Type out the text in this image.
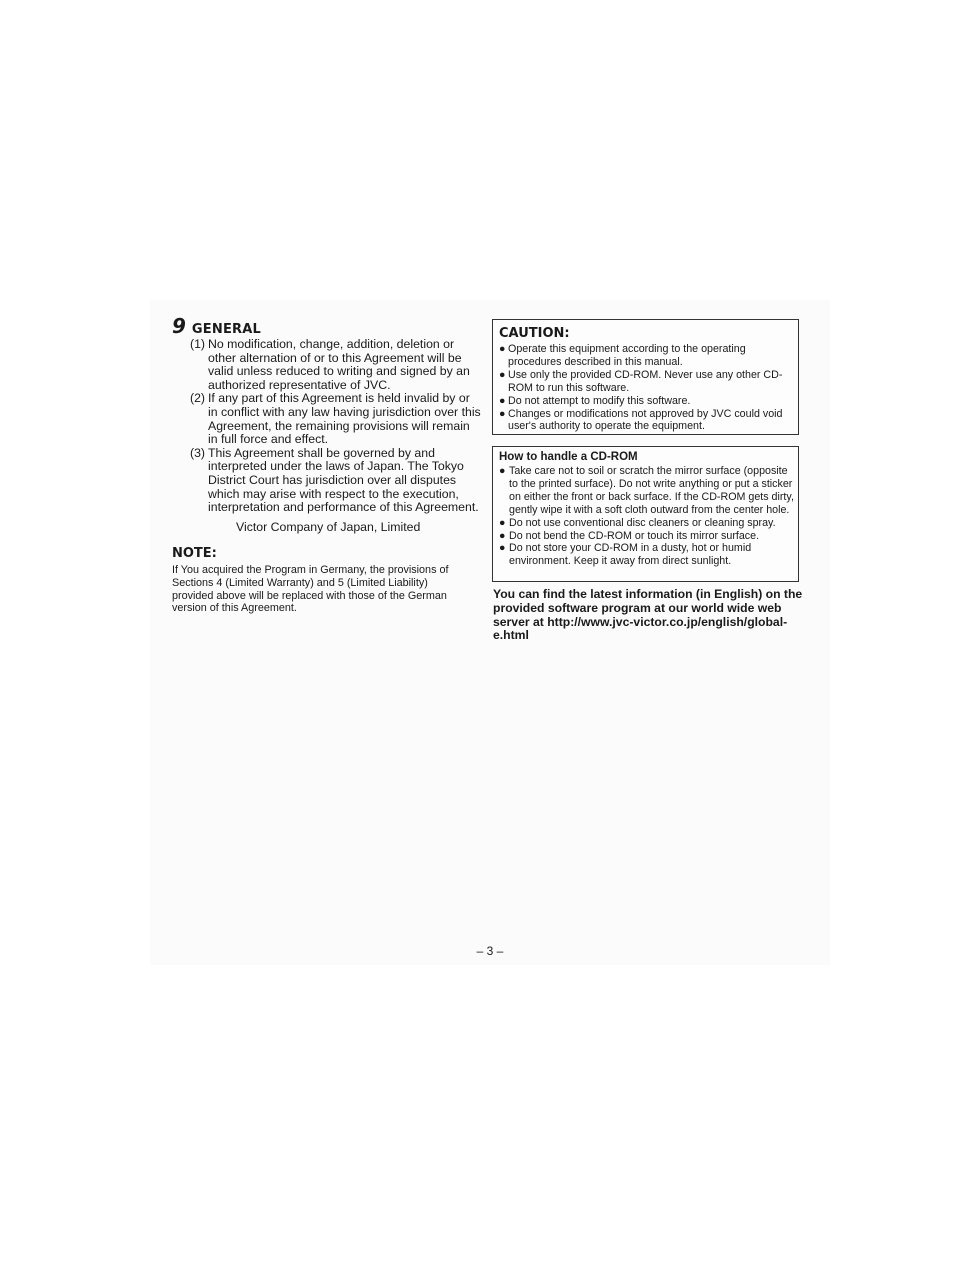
9 GENERAL
(1) No modification, change, addition, deletion or other alternation of or to this Agreement will be valid unless reduced to writing and signed by an authorized representative of JVC.
(2) If any part of this Agreement is held invalid by or in conflict with any law having jurisdiction over this Agreement, the remaining provisions will remain in full force and effect.
(3) This Agreement shall be governed by and interpreted under the laws of Japan. The Tokyo District Court has jurisdiction over all disputes which may arise with respect to the execution, interpretation and performance of this Agreement.
Victor Company of Japan, Limited
NOTE:
If You acquired the Program in Germany, the provisions of Sections 4 (Limited Warranty) and 5 (Limited Liability) provided above will be replaced with those of the German version of this Agreement.
CAUTION:
● Operate this equipment according to the operating procedures described in this manual.
● Use only the provided CD-ROM. Never use any other CD-ROM to run this software.
● Do not attempt to modify this software.
● Changes or modifications not approved by JVC could void user's authority to operate the equipment.
How to handle a CD-ROM
● Take care not to soil or scratch the mirror surface (opposite to the printed surface). Do not write anything or put a sticker on either the front or back surface. If the CD-ROM gets dirty, gently wipe it with a soft cloth outward from the center hole.
● Do not use conventional disc cleaners or cleaning spray.
● Do not bend the CD-ROM or touch its mirror surface.
● Do not store your CD-ROM in a dusty, hot or humid environment. Keep it away from direct sunlight.
You can find the latest information (in English) on the provided software program at our world wide web server at http://www.jvc-victor.co.jp/english/global-e.html
– 3 –
